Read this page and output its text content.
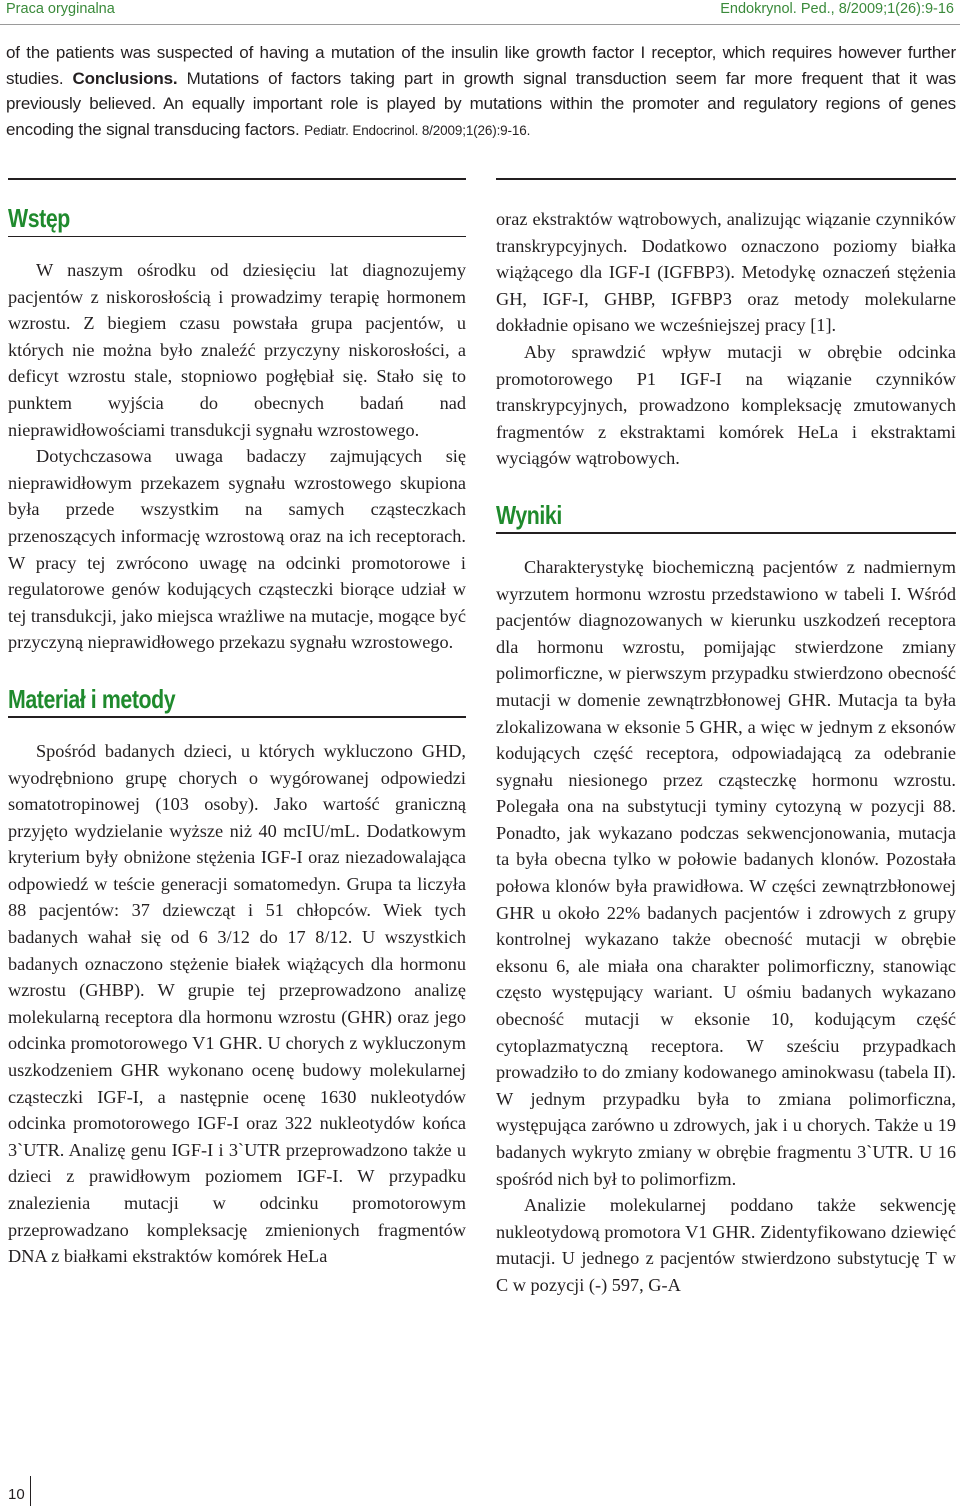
Praca oryginalna	Endokrynol. Ped., 8/2009;1(26):9-16
of the patients was suspected of having a mutation of the insulin like growth factor I receptor, which requires however further studies. Conclusions. Mutations of factors taking part in growth signal transduction seem far more frequent that it was previously believed. An equally important role is played by mutations within the promoter and regulatory regions of genes encoding the signal transducing factors. Pediatr. Endocrinol. 8/2009;1(26):9-16.
Wstęp

W naszym ośrodku od dziesięciu lat diagnozujemy pacjentów z niskorosłością i prowadzimy terapię hormonem wzrostu. Z biegiem czasu powstała grupa pacjentów, u których nie można było znaleźć przyczyny niskorosłości, a deficyt wzrostu stale, stopniowo pogłębiał się. Stało się to punktem wyjścia do obecnych badań nad nieprawidłowościami transdukcji sygnału wzrostowego.

Dotychczasowa uwaga badaczy zajmujących się nieprawidłowym przekazem sygnału wzrostowego skupiona była przede wszystkim na samych cząsteczkach przenoszących informację wzrostową oraz na ich receptorach. W pracy tej zwrócono uwagę na odcinki promotorowe i regulatorowe genów kodujących cząsteczki biorące udział w tej transdukcji, jako miejsca wrażliwe na mutacje, mogące być przyczyną nieprawidłowego przekazu sygnału wzrostowego.

Materiał i metody

Spośród badanych dzieci, u których wykluczono GHD, wyodrębniono grupę chorych o wygórowanej odpowiedzi somatotropinowej (103 osoby). Jako wartość graniczną przyjęto wydzielanie wyższe niż 40 mcIU/mL. Dodatkowym kryterium były obniżone stężenia IGF-I oraz niezadowalająca odpowiedź w teście generacji somatomedyn. Grupa ta liczyła 88 pacjentów: 37 dziewcząt i 51 chłopców. Wiek tych badanych wahał się od 6 3/12 do 17 8/12. U wszystkich badanych oznaczono stężenie białek wiążących dla hormonu wzrostu (GHBP). W grupie tej przeprowadzono analizę molekularną receptora dla hormonu wzrostu (GHR) oraz jego odcinka promotorowego V1 GHR. U chorych z wykluczonym uszkodzeniem GHR wykonano ocenę budowy molekularnej cząsteczki IGF-I, a następnie ocenę 1630 nukleotydów odcinka promotorowego IGF-I oraz 322 nukleotydów końca 3`UTR. Analizę genu IGF-I i 3`UTR przeprowadzono także u dzieci z prawidłowym poziomem IGF-I. W przypadku znalezienia mutacji w odcinku promotorowym przeprowadzano kompleksację zmienionych fragmentów DNA z białkami ekstraktów komórek HeLa

oraz ekstraktów wątrobowych, analizując wiązanie czynników transkrypcyjnych. Dodatkowo oznaczono poziomy białka wiążącego dla IGF-I (IGFBP3). Metodykę oznaczeń stężenia GH, IGF-I, GHBP, IGFBP3 oraz metody molekularne dokładnie opisano we wcześniejszej pracy [1].

Aby sprawdzić wpływ mutacji w obrębie odcinka promotorowego P1 IGF-I na wiązanie czynników transkrypcyjnych, prowadzono kompleksację zmutowanych fragmentów z ekstraktami komórek HeLa i ekstraktami wyciągów wątrobowych.

Wyniki

Charakterystykę biochemiczną pacjentów z nadmiernym wyrzutem hormonu wzrostu przedstawiono w tabeli I. Wśród pacjentów diagnozowanych w kierunku uszkodzeń receptora dla hormonu wzrostu, pomijając stwierdzone zmiany polimorficzne, w pierwszym przypadku stwierdzono obecność mutacji w domenie zewnątrzbłonowej GHR. Mutacja ta była zlokalizowana w eksonie 5 GHR, a więc w jednym z eksonów kodujących część receptora, odpowiadającą za odebranie sygnału niesionego przez cząsteczkę hormonu wzrostu. Polegała ona na substytucji tyminy cytozyną w pozycji 88. Ponadto, jak wykazano podczas sekwencjonowania, mutacja ta była obecna tylko w połowie badanych klonów. Pozostała połowa klonów była prawidłowa. W części zewnątrzbłonowej GHR u około 22% badanych pacjentów i zdrowych z grupy kontrolnej wykazano także obecność mutacji w obrębie eksonu 6, ale miała ona charakter polimorficzny, stanowiąc często występujący wariant. U ośmiu badanych wykazano obecność mutacji w eksonie 10, kodującym część cytoplazmatyczną receptora. W sześciu przypadkach prowadziło to do zmiany kodowanego aminokwasu (tabela II). W jednym przypadku była to zmiana polimorficzna, występująca zarówno u zdrowych, jak i u chorych. Także u 19 badanych wykryto zmiany w obrębie fragmentu 3`UTR. U 16 spośród nich był to polimorfizm.

Analizie molekularnej poddano także sekwencję nukleotydową promotora V1 GHR. Zidentyfikowano dziewięć mutacji. U jednego z pacjentów stwierdzono substytucję T w C w pozycji (-) 597, G-A

10
